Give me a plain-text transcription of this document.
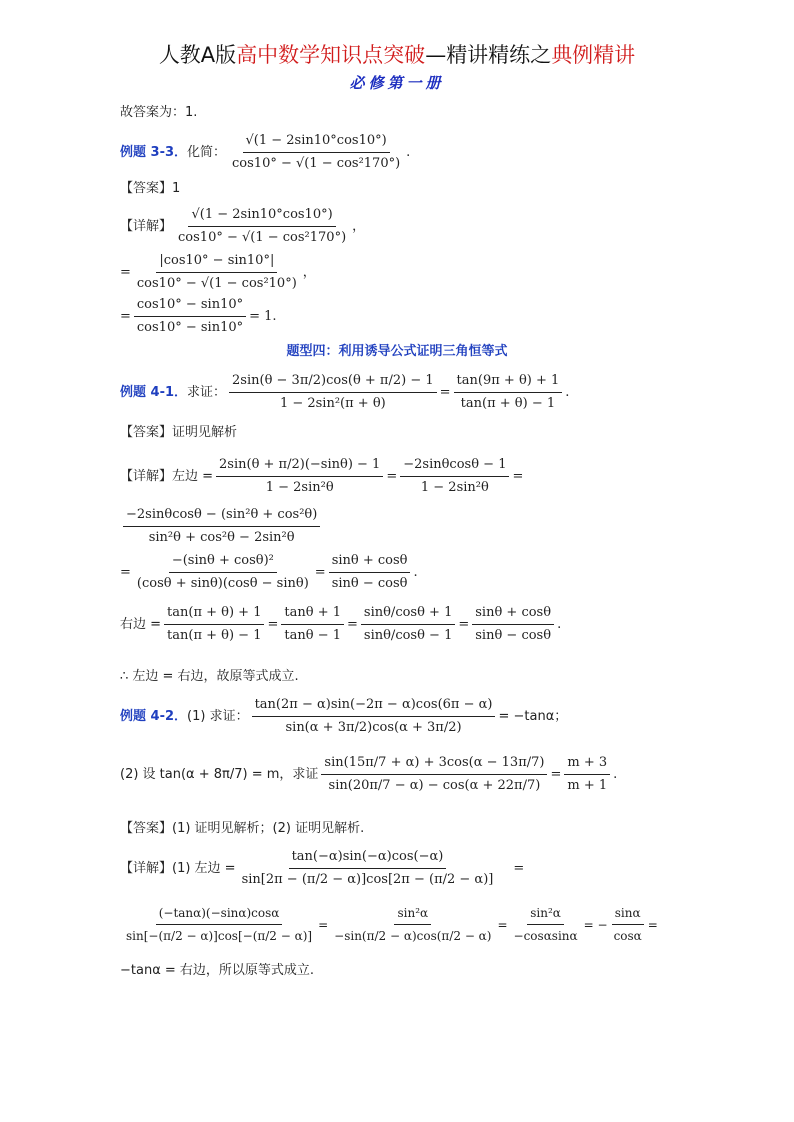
人教A版高中数学知识点突破—精讲精练之典例精讲
必修第一册
故答案为：1.
例题 3-3． 化简： $\frac{√(1 - 2\sin 10^\circ\cos 10^\circ)}{\text{cos10° − √(1 − cos²170°)}}$ .
【答案】1
【详解】 $\frac{√(1 - 2\sin 10^\circ\cos 10^\circ)}{\text{cos10° − √(1 − cos²170°)}}$ ，
= $\frac{|\cos 10^\circ - \sin 10^\circ|}{\text{cos10° − √(1 − cos²10°)}}$ ，
= $\frac{\cos 10^\circ - \sin 10^\circ}{\cos 10^\circ - \sin 10^\circ} = 1$.
题型四：利用诱导公式证明三角恒等式
例题 4-1． 求证： $\frac{2\sin(\theta - 3\pi/2)\cos(\theta + \pi/2) - 1}{\text{1 − 2sin²(π + θ)}} = \frac{\tan(9\pi + \theta) + 1}{\tan(\pi + \theta) - 1}$ .
【答案】证明见解析
【详解】左边 = $\frac{2\sin(\theta + \pi/2)(-\sin\theta) - 1}{\text{1 − 2sin²θ}} = \frac{-2\sin\theta\cos\theta - 1}{\text{1 − 2sin²θ}}$ =
$\frac{\text{−2sinθcosθ − (sin²θ + cos²θ)}}{\text{sin²θ + cos²θ − 2sin²θ}}$
= $\frac{\text{−(sinθ + cosθ)²}}{(\cos\theta + \sin\theta)(\cos\theta - \sin\theta)} = \frac{\sin\theta + \cos\theta}{\sin\theta - \cos\theta}$ .
右边 = $\frac{\tan(\pi + \theta) + 1}{\tan(\pi + \theta) - 1} = \frac{\tan\theta + 1}{\tan\theta - 1} = \frac{\sin\theta/\cos\theta + 1}{\sin\theta/\cos\theta - 1} = \frac{\sin\theta + \cos\theta}{\sin\theta - \cos\theta}$ .
∴ 左边 = 右边，故原等式成立.
例题 4-2． (1) 求证： $\frac{\tan(2\pi - \alpha)\sin(-2\pi - \alpha)\cos(6\pi - \alpha)}{\sin(\alpha + 3\pi/2)\cos(\alpha + 3\pi/2)} = -\tan\alpha$；
(2) 设 tan(α + 8π/7) = m，求证 $\frac{\sin(15\pi/7 + \alpha) + 3\cos(\alpha - 13\pi/7)}{\sin(20\pi/7 - \alpha) - \cos(\alpha + 22\pi/7)} = \frac{m + 3}{m + 1}$ .
【答案】(1) 证明见解析；(2) 证明见解析.
【详解】(1) 左边 = $\frac{\tan(-\alpha)\sin(-\alpha)\cos(-\alpha)}{\sin[2\pi - (\pi/2 - \alpha)]\cos[2\pi - (\pi/2 - \alpha)]}$ =
$\frac{(-\tan\alpha)(-\sin\alpha)\cos\alpha}{\sin[-(\pi/2 - \alpha)]\cos[-(\pi/2 - \alpha)]} = \frac{\text{sin²α}}{-\sin(\pi/2 - \alpha)\cos(\pi/2 - \alpha)} = \frac{\text{sin²α}}{-\cos\alpha\sin\alpha}$ = − $\frac{\sin\alpha}{\cos\alpha}$ =
−tanα = 右边，所以原等式成立.
